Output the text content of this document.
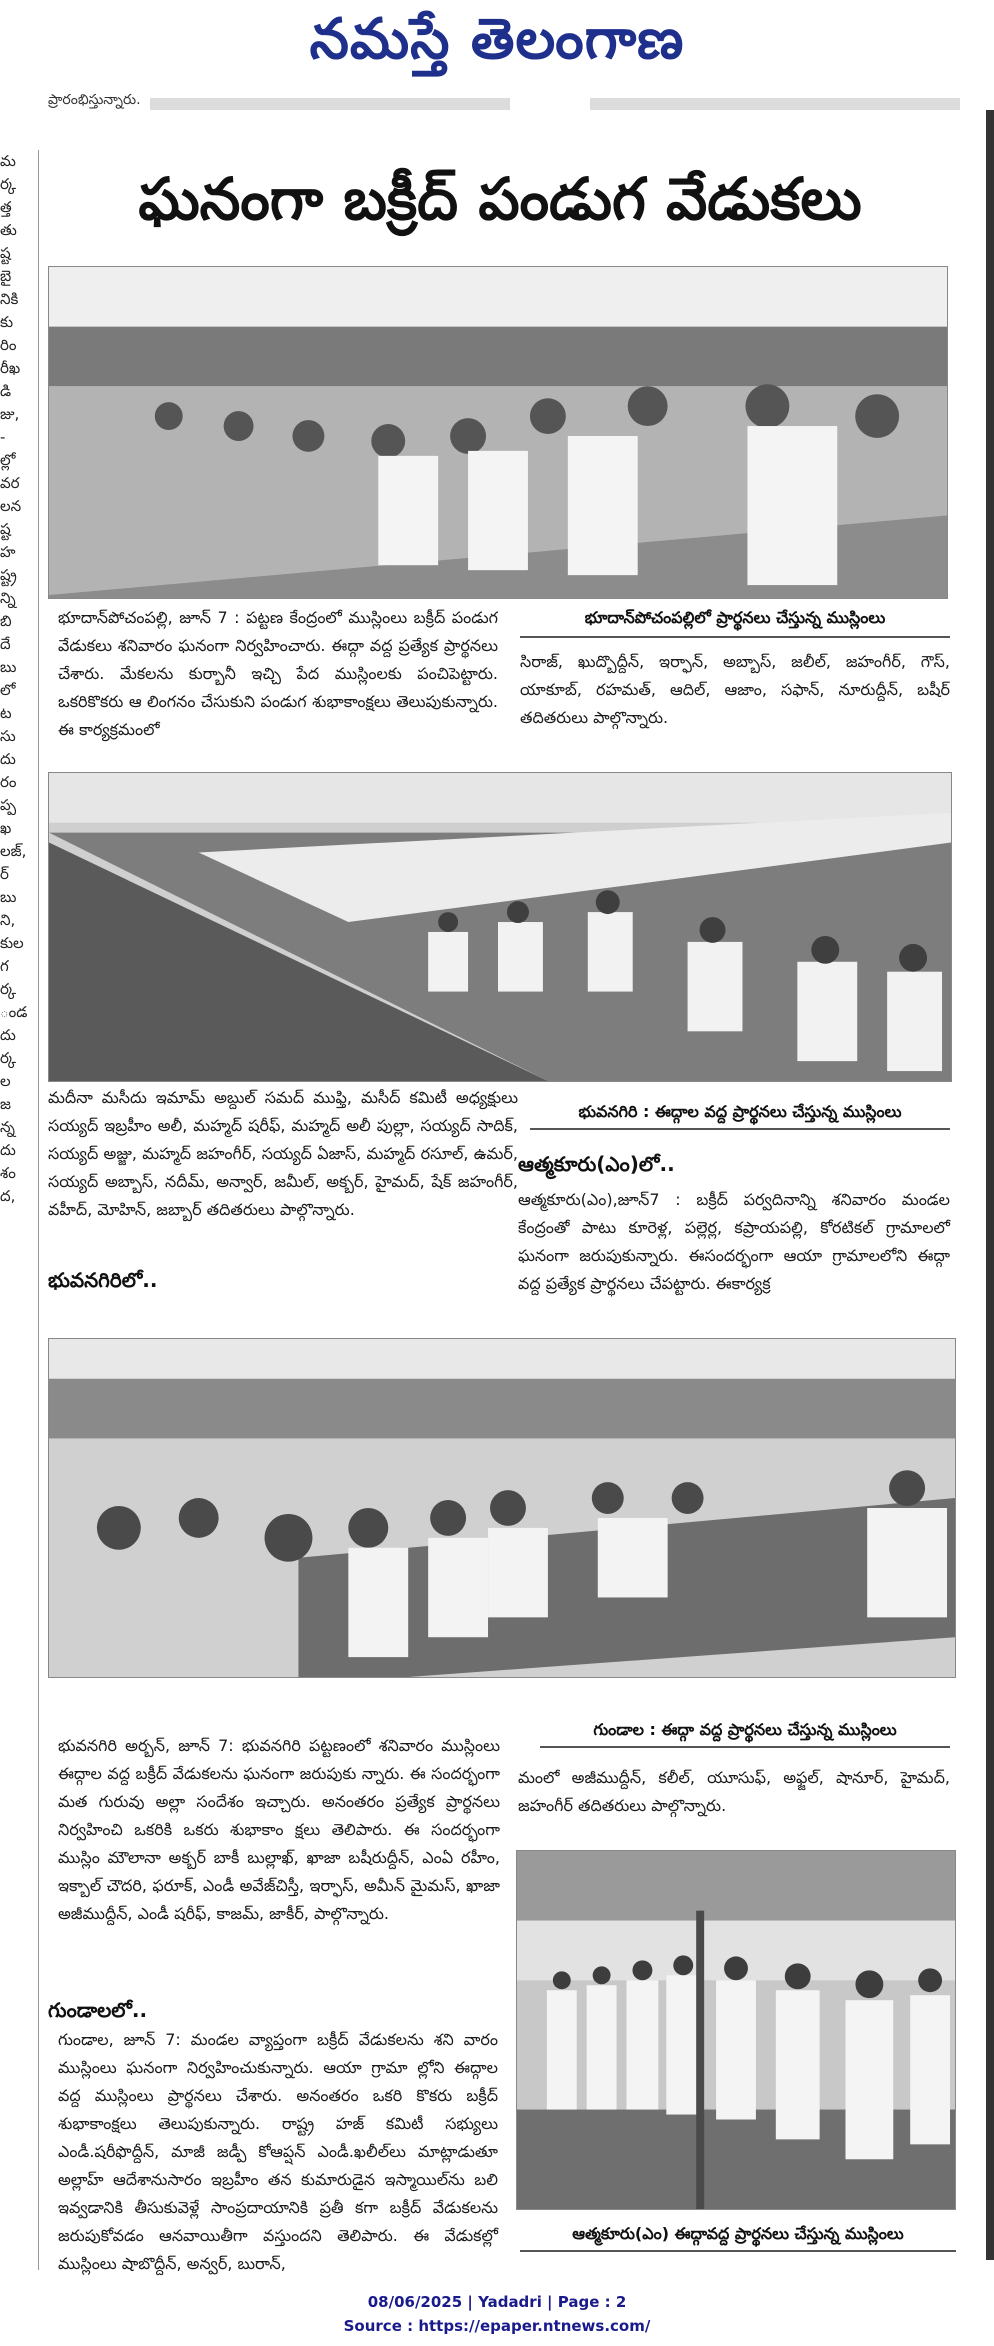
నమస్తే తెలంగాణ
ప్రారంభిస్తున్నారు.
మ
ర్క
త్త
తు
ష్ట
బై
నికి
కు
రిం
రీఖ
డి
జు,
-
ల్లో
వర
లన
ష్ట
హ
ష్ట్ర
న్ని
బి
దే
బు
లో
ట
సు
దు
రం
ప్ప
ఖ
లజ్,
ర్
బు
ని,
కుల
గ
ర్క
ండ
దు
ర్క
ల
జ
న్న
దు
శం
ద,
ఘనంగా బక్రీద్ పండుగ వేడుకలు
భూదాన్‌పోచంపల్లిలో ప్రార్థనలు చేస్తున్న ముస్లింలు

భూదాన్‌పోచంపల్లి, జూన్ 7 : పట్టణ కేంద్రంలో ముస్లింలు బక్రీద్ పండుగ వేడుకలు శనివారం ఘనంగా నిర్వహించారు. ఈద్గా వద్ద ప్రత్యేక ప్రార్థనలు చేశారు. మేకలను కుర్బానీ ఇచ్చి పేద ముస్లింలకు పంచిపెట్టారు. ఒకరికొకరు ఆ లింగనం చేసుకుని పండుగ శుభాకాంక్షలు తెలుపుకున్నారు. ఈ కార్యక్రమంలో

సిరాజ్, ఖుద్బొద్దీన్, ఇర్ఫాన్, అబ్బాస్, జలీల్, జహంగీర్, గౌస్, యాకూబ్, రహమత్, ఆదిల్, ఆజాం, సఫాన్, నూరుద్దీన్, బషీర్ తదితరులు పాల్గొన్నారు.

మదీనా మసీదు ఇమామ్ అబ్దుల్ సమద్ ముఫ్తి, మసీద్ కమిటీ అధ్యక్షులు సయ్యద్ ఇబ్రహీం అలీ, మహ్మద్ షరీఫ్, మహ్మద్ అలీ పుల్లా, సయ్యద్ సాదిక్, సయ్యద్ అజ్జు, మహ్మద్ జహంగీర్, సయ్యద్ ఏజాస్, మహ్మద్ రసూల్, ఉమర్, సయ్యద్ అబ్బాస్, నదీమ్, అన్వార్, జమీల్, అక్బర్, హైమద్, షేక్ జహంగీర్, వహీద్, మోహిన్, జబ్బార్ తదితరులు పాల్గొన్నారు.

భువనగిరి : ఈద్గాల వద్ద ప్రార్థనలు చేస్తున్న ముస్లింలు
ఆత్మకూరు(ఎం)లో..

ఆత్మకూరు(ఎం),జూన్7 : బక్రీద్ పర్వదినాన్ని శనివారం మండల కేంద్రంతో పాటు కూరెళ్ల, పల్లెర్ల, కప్రాయపల్లి, కోరటికల్ గ్రామాలలో ఘనంగా జరుపుకున్నారు. ఈసందర్భంగా ఆయా గ్రామాలలోని ఈద్గా వద్ద ప్రత్యేక ప్రార్థనలు చేపట్టారు. ఈకార్యక్ర

భువనగిరిలో..
గుండాల : ఈద్గా వద్ద ప్రార్థనలు చేస్తున్న ముస్లింలు

భువనగిరి అర్బన్, జూన్ 7: భువనగిరి పట్టణంలో శనివారం ముస్లింలు ఈద్గాల వద్ద బక్రీద్ వేడుకలను ఘనంగా జరుపుకు న్నారు. ఈ సందర్భంగా మత గురువు అల్లా సందేశం ఇచ్చారు. అనంతరం ప్రత్యేక ప్రార్థనలు నిర్వహించి ఒకరికి ఒకరు శుభాకాం క్షలు తెలిపారు. ఈ సందర్భంగా ముస్లిం మౌలానా అక్బర్ బాకీ బుల్లాఖ్, ఖాజా బషీరుద్దీన్, ఎంఏ రహీం, ఇక్బాల్ చౌదరి, ఫరూక్, ఎండీ అవేజ్‌చిస్తీ, ఇర్ఫాస్, అమీన్ మైమస్, ఖాజా అజీముద్దీన్, ఎండీ షరీఫ్, కాజమ్, జాకీర్, పాల్గొన్నారు.

మంలో అజీముద్దీన్, కలీల్, యూసుఫ్, అఫ్జల్, షానూర్, హైమద్, జహంగీర్ తదితరులు పాల్గొన్నారు.

గుండాలలో..

గుండాల, జూన్ 7: మండల వ్యాప్తంగా బక్రీద్ వేడుకలను శని వారం ముస్లింలు ఘనంగా నిర్వహించుకున్నారు. ఆయా గ్రామా ల్లోని ఈద్గాల వద్ద ముస్లింలు ప్రార్థనలు చేశారు. అనంతరం ఒకరి కొకరు బక్రీద్ శుభాకాంక్షలు తెలుపుకున్నారు. రాష్ట్ర హజ్ కమిటీ సభ్యులు ఎండీ.షరీఫొద్దీన్, మాజీ జడ్పీ కోఆప్షన్ ఎండీ.ఖలీల్‌లు మాట్లాడుతూ అల్లాహ్ ఆదేశానుసారం ఇబ్రహీం తన కుమారుడైన ఇస్మాయిల్‌ను బలి ఇవ్వడానికి తీసుకువెళ్లే సాంప్రదాయానికి ప్రతీ కగా బక్రీద్ వేడుకలను జరుపుకోవడం ఆనవాయితీగా వస్తుందని తెలిపారు. ఈ వేడుకల్లో ముస్లింలు షాబొద్దీన్, అన్వర్, బురాన్,

ఆత్మకూరు(ఎం) ఈద్గావద్ద ప్రార్థనలు చేస్తున్న ముస్లింలు
08/06/2025 | Yadadri | Page : 2
Source : https://epaper.ntnews.com/
